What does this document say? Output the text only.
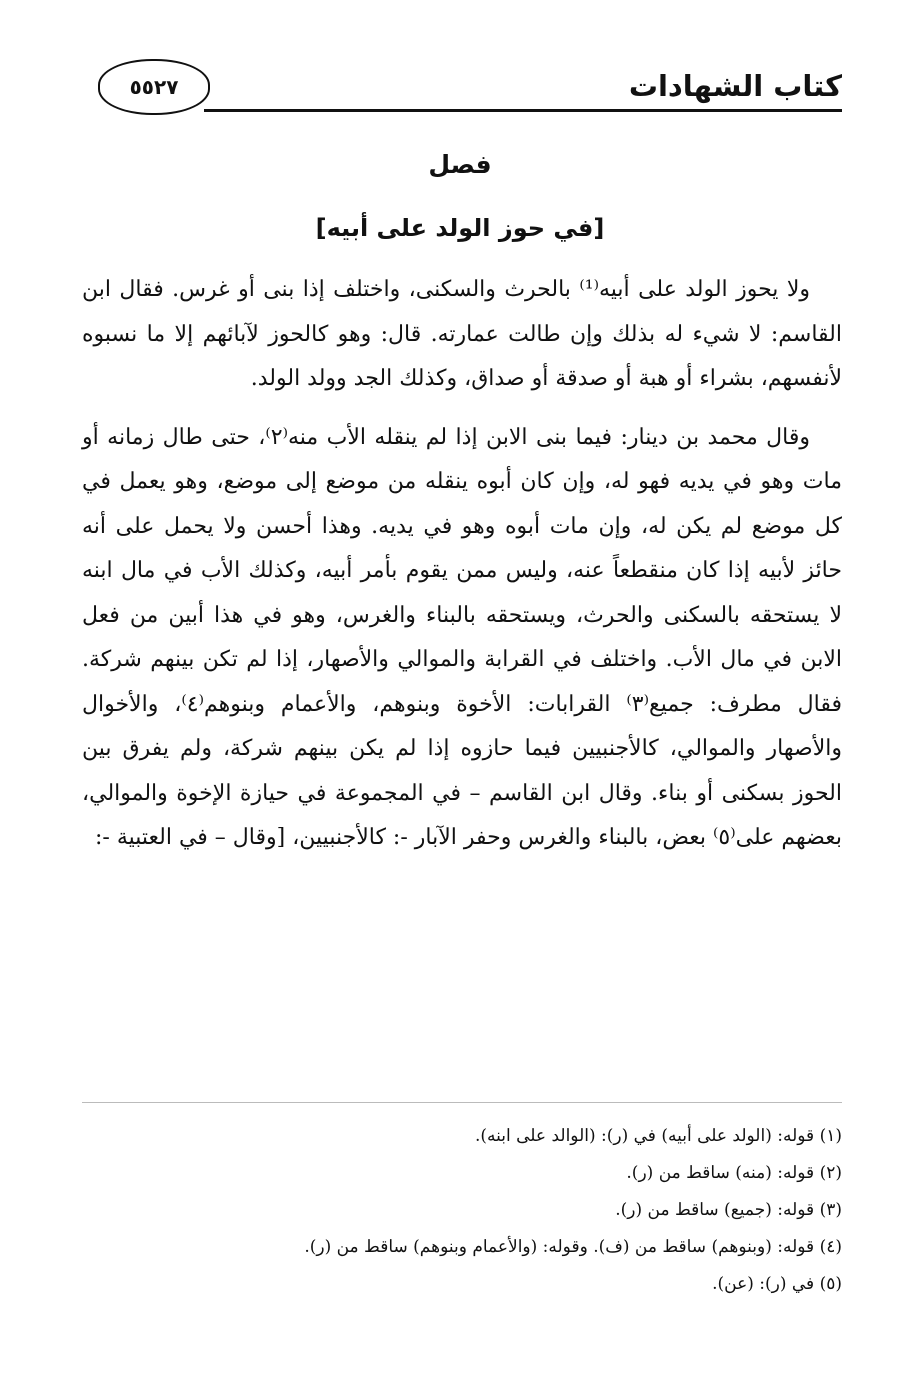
كتاب الشهادات
٥٥٢٧
فصل
[في حوز الولد على أبيه]

ولا يحوز الولد على أبيه⁽¹⁾ بالحرث والسكنى، واختلف إذا بنى أو غرس. فقال ابن القاسم: لا شيء له بذلك وإن طالت عمارته. قال: وهو كالحوز لآبائهم إلا ما نسبوه لأنفسهم، بشراء أو هبة أو صدقة أو صداق، وكذلك الجد وولد الولد.

وقال محمد بن دينار: فيما بنى الابن إذا لم ينقله الأب منه⁽٢⁾، حتى طال زمانه أو مات وهو في يديه فهو له، وإن كان أبوه ينقله من موضع إلى موضع، وهو يعمل في كل موضع لم يكن له، وإن مات أبوه وهو في يديه. وهذا أحسن ولا يحمل على أنه حائز لأبيه إذا كان منقطعاً عنه، وليس ممن يقوم بأمر أبيه، وكذلك الأب في مال ابنه لا يستحقه بالسكنى والحرث، ويستحقه بالبناء والغرس، وهو في هذا أبين من فعل الابن في مال الأب. واختلف في القرابة والموالي والأصهار، إذا لم تكن بينهم شركة. فقال مطرف: جميع⁽٣⁾ القرابات: الأخوة وبنوهم، والأعمام وبنوهم⁽٤⁾، والأخوال والأصهار والموالي، كالأجنبيين فيما حازوه إذا لم يكن بينهم شركة، ولم يفرق بين الحوز بسكنى أو بناء. وقال ابن القاسم – في المجموعة في حيازة الإخوة والموالي، بعضهم على⁽٥⁾ بعض، بالبناء والغرس وحفر الآبار -: كالأجنبيين، [وقال – في العتبية -:

(١) قوله: (الولد على أبيه) في (ر): (الوالد على ابنه).
(٢) قوله: (منه) ساقط من (ر).
(٣) قوله: (جميع) ساقط من (ر).
(٤) قوله: (وبنوهم) ساقط من (ف). وقوله: (والأعمام وبنوهم) ساقط من (ر).
(٥) في (ر): (عن).
